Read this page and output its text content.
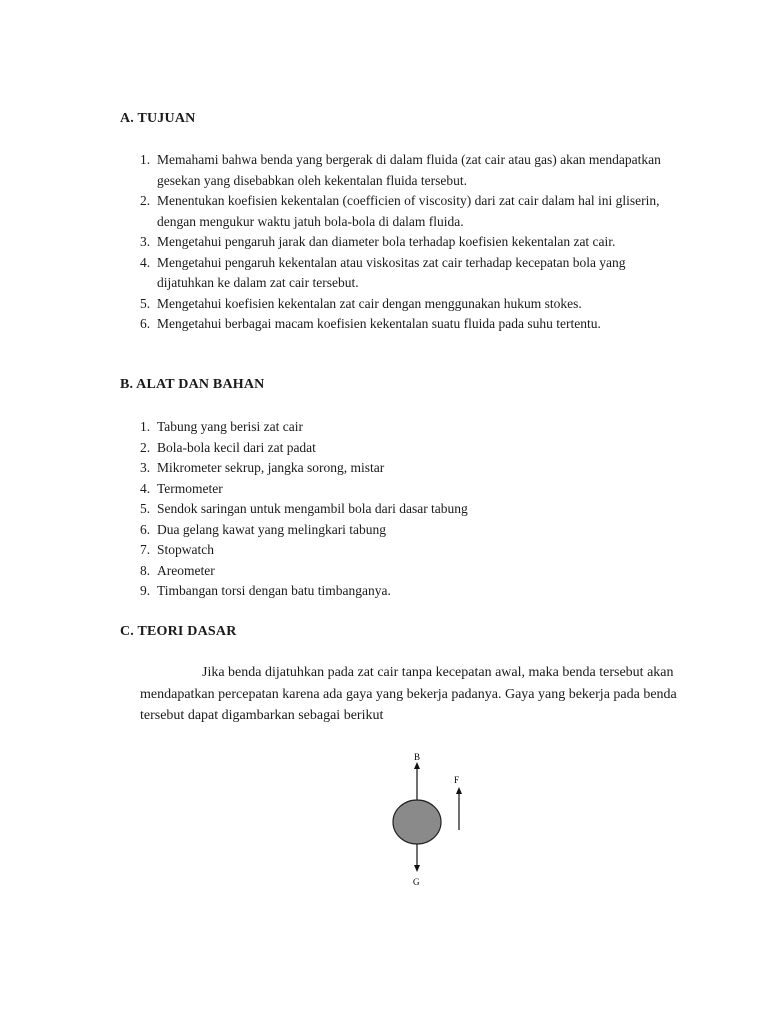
A. TUJUAN
1. Memahami bahwa benda yang bergerak di dalam fluida (zat cair atau gas) akan mendapatkan gesekan yang disebabkan oleh kekentalan fluida tersebut.
2. Menentukan koefisien kekentalan (coefficien of viscosity) dari zat cair dalam hal ini gliserin, dengan mengukur waktu jatuh bola-bola di dalam fluida.
3. Mengetahui pengaruh jarak dan diameter bola terhadap koefisien kekentalan zat cair.
4. Mengetahui pengaruh kekentalan atau viskositas zat cair terhadap kecepatan bola yang dijatuhkan ke dalam zat cair tersebut.
5. Mengetahui koefisien kekentalan zat cair dengan menggunakan hukum stokes.
6. Mengetahui berbagai macam koefisien kekentalan suatu fluida pada suhu tertentu.
B. ALAT DAN BAHAN
1. Tabung yang berisi zat cair
2. Bola-bola kecil dari zat padat
3. Mikrometer sekrup, jangka sorong, mistar
4. Termometer
5. Sendok saringan untuk mengambil bola dari dasar tabung
6. Dua gelang kawat yang melingkari tabung
7. Stopwatch
8. Areometer
9. Timbangan torsi dengan batu timbanganya.
C. TEORI DASAR

Jika benda dijatuhkan pada zat cair tanpa kecepatan awal, maka benda tersebut akan mendapatkan percepatan karena ada gaya yang bekerja padanya. Gaya yang bekerja pada benda tersebut dapat digambarkan sebagai berikut

B
F
G
